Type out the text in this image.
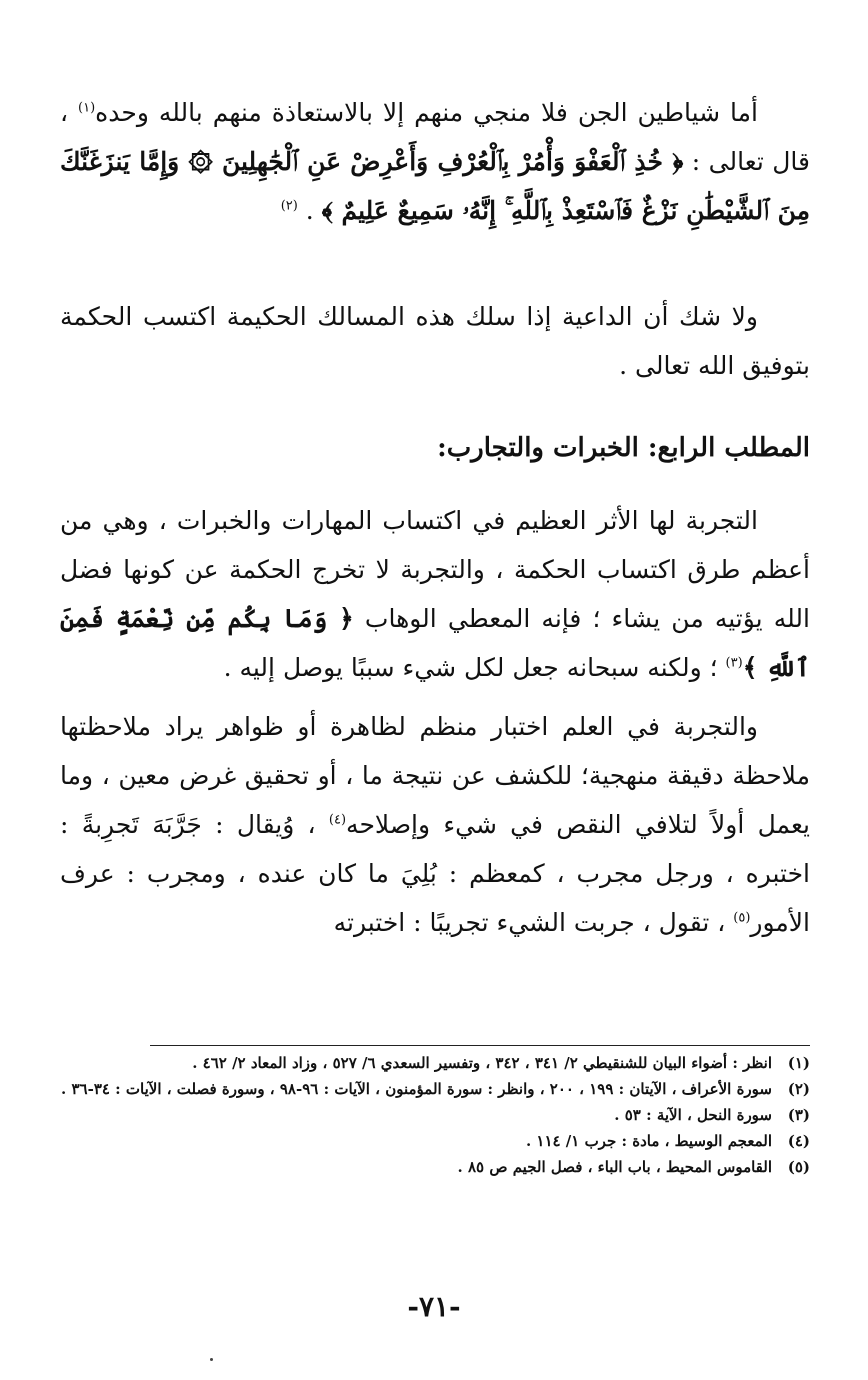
أما شياطين الجن فلا منجي منهم إلا بالاستعاذة منهم بالله وحده$^{(١)}$ ، قال تعالى : ﴿ خُذِ ٱلْعَفْوَ وَأْمُرْ بِٱلْعُرْفِ وَأَعْرِضْ عَنِ ٱلْجَٰهِلِينَ ۞ وَإِمَّا يَنزَغَنَّكَ مِنَ ٱلشَّيْطَٰنِ نَزْغٌ فَٱسْتَعِذْ بِٱللَّهِ ۚ إِنَّهُۥ سَمِيعٌ عَلِيمٌ ﴾ . $^{(٢)}$

ولا شك أن الداعية إذا سلك هذه المسالك الحكيمة اكتسب الحكمة بتوفيق الله تعالى .

المطلب الرابع: الخبرات والتجارب:

التجربة لها الأثر العظيم في اكتساب المهارات والخبرات ، وهي من أعظم طرق اكتساب الحكمة ، والتجربة لا تخرج الحكمة عن كونها فضل الله يؤتيه من يشاء ؛ فإنه المعطي الوهاب ﴿ وَمَا بِكُم مِّن نِّعْمَةٍ فَمِنَ ٱللَّهِ ﴾$^{(٣)}$ ؛ ولكنه سبحانه جعل لكل شيء سببًا يوصل إليه .

والتجربة في العلم اختبار منظم لظاهرة أو ظواهر يراد ملاحظتها ملاحظة دقيقة منهجية؛ للكشف عن نتيجة ما ، أو تحقيق غرض معين ، وما يعمل أولاً لتلافي النقص في شيء وإصلاحه$^{(٤)}$ ، وُيقال : جَرَّبَهَ تَجرِبةً : اختبره ، ورجل مجرب ، كمعظم : بُلِيَ ما كان عنده ، ومجرب : عرف الأمور$^{(٥)}$ ، تقول ، جربت الشيء تجريبًا : اختبرته

(١)
انظر : أضواء البيان للشنقيطي ٢/ ٣٤١ ، ٣٤٢ ، وتفسير السعدي ٦/ ٥٢٧ ، وزاد المعاد ٢/ ٤٦٢ .

(٢)
سورة الأعراف ، الآيتان : ١٩٩ ، ٢٠٠ ، وانظر : سورة المؤمنون ، الآيات : ٩٦-٩٨ ، وسورة فصلت ، الآيات : ٣٤-٣٦ .

(٣)
سورة النحل ، الآية : ٥٣ .

(٤)
المعجم الوسيط ، مادة : جرب ١/ ١١٤ .

(٥)
القاموس المحيط ، باب الباء ، فصل الجيم ص ٨٥ .

-٧١-
